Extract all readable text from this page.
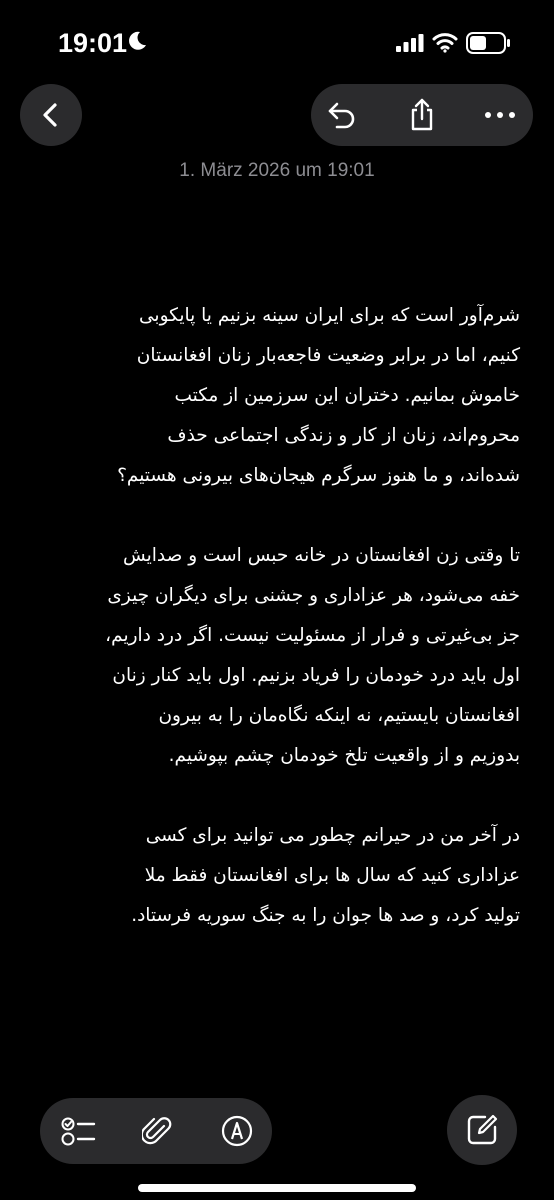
19:01
1. März 2026 um 19:01

شرم‌آور است که برای ایران سینه بزنیم یا پایکوبی
کنیم، اما در برابر وضعیت فاجعه‌بار زنان افغانستان
خاموش بمانیم. دختران این سرزمین از مکتب
محروم‌اند، زنان از کار و زندگی اجتماعی حذف
شده‌اند، و ما هنوز سرگرم هیجان‌های بیرونی هستیم؟

تا وقتی زن افغانستان در خانه حبس است و صدایش
خفه می‌شود، هر عزاداری و جشنی برای دیگران چیزی
جز بی‌غیرتی و فرار از مسئولیت نیست. اگر درد داریم،
اول باید درد خودمان را فریاد بزنیم. اول باید کنار زنان
افغانستان بایستیم، نه اینکه نگاه‌مان را به بیرون
بدوزیم و از واقعیت تلخ خودمان چشم بپوشیم.

در آخر من در حیرانم چطور می توانید برای کسی
عزاداری کنید که سال ها برای افغانستان فقط ملا
تولید کرد، و صد ها جوان را به جنگ سوریه فرستاد.
